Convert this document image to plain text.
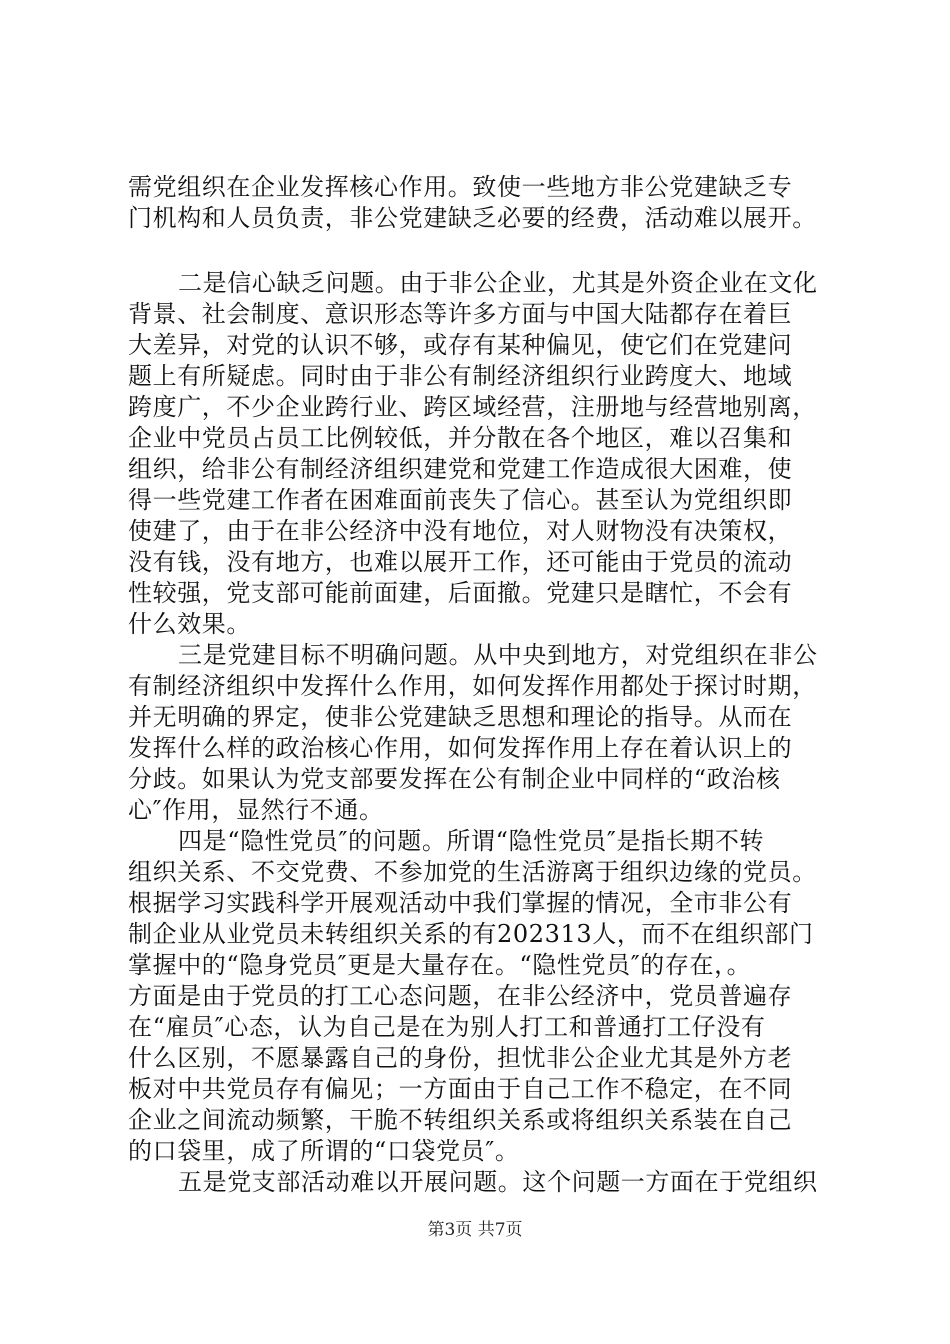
需党组织在企业发挥核心作用。致使一些地方非公党建缺乏专
门机构和人员负责，非公党建缺乏必要的经费，活动难以展开。

二是信心缺乏问题。由于非公企业，尤其是外资企业在文化
背景、社会制度、意识形态等许多方面与中国大陆都存在着巨
大差异，对党的认识不够，或存有某种偏见，使它们在党建问
题上有所疑虑。同时由于非公有制经济组织行业跨度大、地域
跨度广，不少企业跨行业、跨区域经营，注册地与经营地别离，
企业中党员占员工比例较低，并分散在各个地区，难以召集和
组织，给非公有制经济组织建党和党建工作造成很大困难，使
得一些党建工作者在困难面前丧失了信心。甚至认为党组织即
使建了，由于在非公经济中没有地位，对人财物没有决策权，
没有钱，没有地方，也难以展开工作，还可能由于党员的流动
性较强，党支部可能前面建，后面撤。党建只是瞎忙，不会有
什么效果。

三是党建目标不明确问题。从中央到地方，对党组织在非公
有制经济组织中发挥什么作用，如何发挥作用都处于探讨时期，
并无明确的界定，使非公党建缺乏思想和理论的指导。从而在
发挥什么样的政治核心作用，如何发挥作用上存在着认识上的
分歧。如果认为党支部要发挥在公有制企业中同样的“政治核
心″作用，显然行不通。

四是“隐性党员″的问题。所谓“隐性党员″是指长期不转
组织关系、不交党费、不参加党的生活游离于组织边缘的党员。
根据学习实践科学开展观活动中我们掌握的情况，全市非公有
制企业从业党员未转组织关系的有202313人，而不在组织部门
掌握中的“隐身党员″更是大量存在。“隐性党员″的存在，。
方面是由于党员的打工心态问题，在非公经济中，党员普遍存
在“雇员″心态，认为自己是在为别人打工和普通打工仔没有
什么区别，不愿暴露自己的身份，担忧非公企业尤其是外方老
板对中共党员存有偏见；一方面由于自己工作不稳定，在不同
企业之间流动频繁，干脆不转组织关系或将组织关系装在自己
的口袋里，成了所谓的“口袋党员″。

五是党支部活动难以开展问题。这个问题一方面在于党组织

第3页 共7页
